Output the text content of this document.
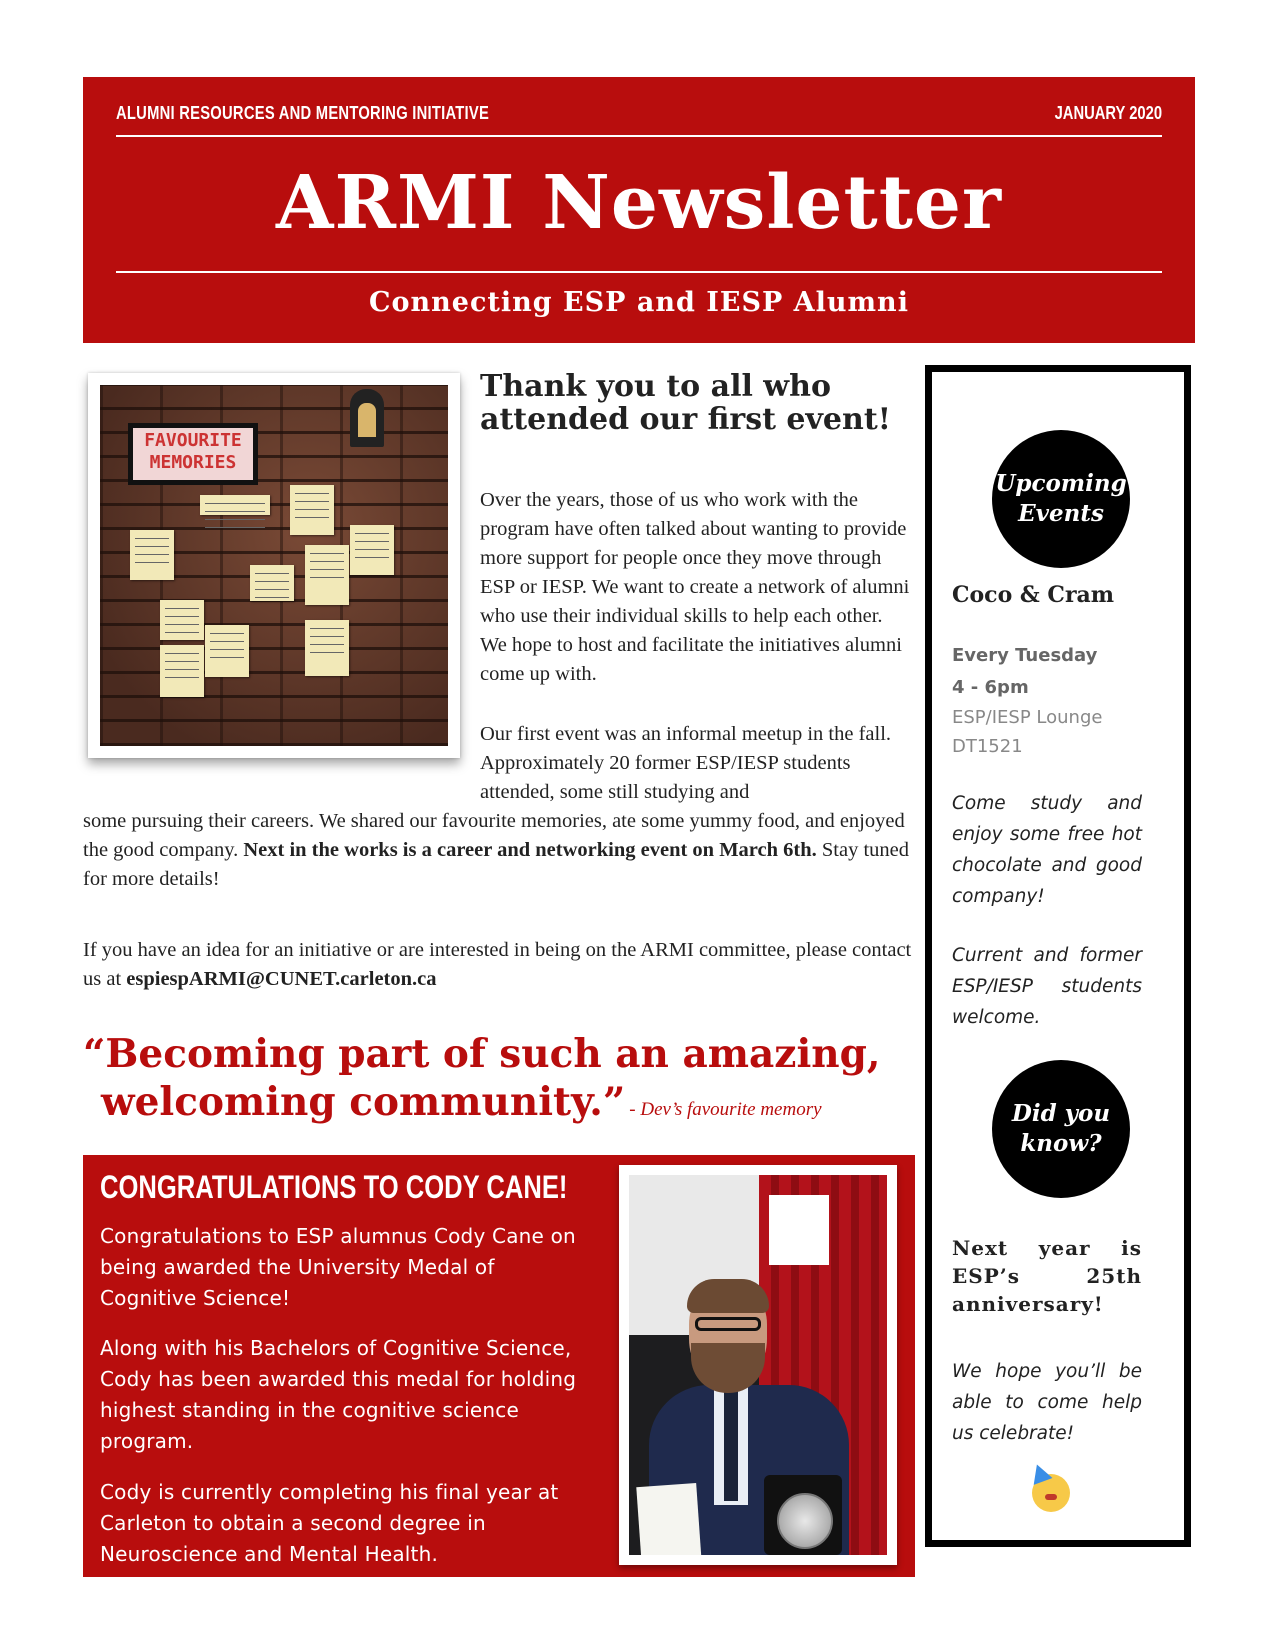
ALUMNI RESOURCES AND MENTORING INITIATIVE	JANUARY 2020
ARMI Newsletter
Connecting ESP and IESP Alumni
FAVOURITE
MEMORIES
Thank you to all who attended our first event!
Over the years, those of us who work with the program have often talked about wanting to provide more support for people once they move through ESP or IESP. We want to create a network of alumni who use their individual skills to help each other. We hope to host and facilitate the initiatives alumni come up with.
Our first event was an informal meetup in the fall. Approximately 20 former ESP/IESP students attended, some still studying and
some pursuing their careers. We shared our favourite memories, ate some yummy food, and enjoyed the good company. Next in the works is a career and networking event on March 6th. Stay tuned for more details!
If you have an idea for an initiative or are interested in being on the ARMI committee, please contact us at espiespARMI@CUNET.carleton.ca
“Becoming part of such an amazing,
welcoming community.” - Dev’s favourite memory
CONGRATULATIONS TO CODY CANE!
Congratulations to ESP alumnus Cody Cane on being awarded the University Medal of Cognitive Science!
Along with his Bachelors of Cognitive Science, Cody has been awarded this medal for holding highest standing in the cognitive science program.
Cody is currently completing his final year at Carleton to obtain a second degree in Neuroscience and Mental Health.
Upcoming
Events
Coco & Cram
Every Tuesday
4 - 6pm
ESP/IESP Lounge
DT1521
Come study and enjoy some free hot chocolate and good company!
Current and former ESP/IESP students welcome.
Did you
know?
Next year is ESP’s 25th anniversary!
We hope you’ll be able to come help us celebrate!
